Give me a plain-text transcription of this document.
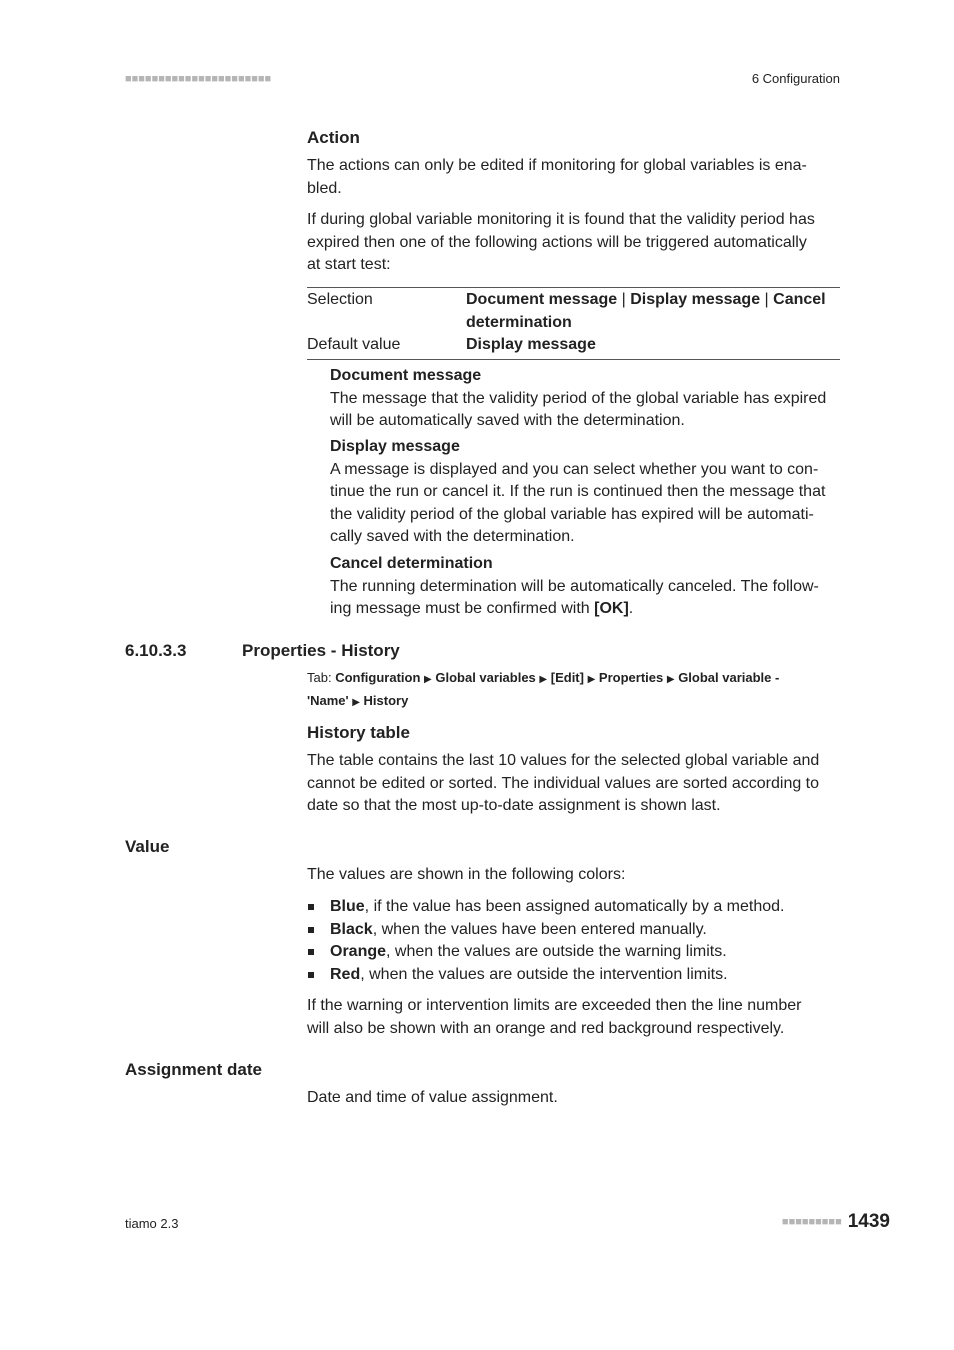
■■■■■■■■■■■■■■■■■■■■■■	6 Configuration
Action

The actions can only be edited if monitoring for global variables is ena-

bled.

If during global variable monitoring it is found that the validity period has

expired then one of the following actions will be triggered automatically

at start test:

Selection	Document message | Display message | Cancel
determination
Default value	Display message
Document message

The message that the validity period of the global variable has expired

will be automatically saved with the determination.

Display message

A message is displayed and you can select whether you want to con-

tinue the run or cancel it. If the run is continued then the message that

the validity period of the global variable has expired will be automati-

cally saved with the determination.

Cancel determination

The running determination will be automatically canceled. The follow-

ing message must be confirmed with [OK].

6.10.3.3	Properties - History
Tab: Configuration ▶ Global variables ▶ [Edit] ▶ Properties ▶ Global variable -
'Name' ▶ History
History table

The table contains the last 10 values for the selected global variable and

cannot be edited or sorted. The individual values are sorted according to

date so that the most up-to-date assignment is shown last.

Value

The values are shown in the following colors:

Blue, if the value has been assigned automatically by a method.
Black, when the values have been entered manually.
Orange, when the values are outside the warning limits.
Red, when the values are outside the intervention limits.

If the warning or intervention limits are exceeded then the line number

will also be shown with an orange and red background respectively.

Assignment date

Date and time of value assignment.

tiamo 2.3	■■■■■■■■■ 1439
